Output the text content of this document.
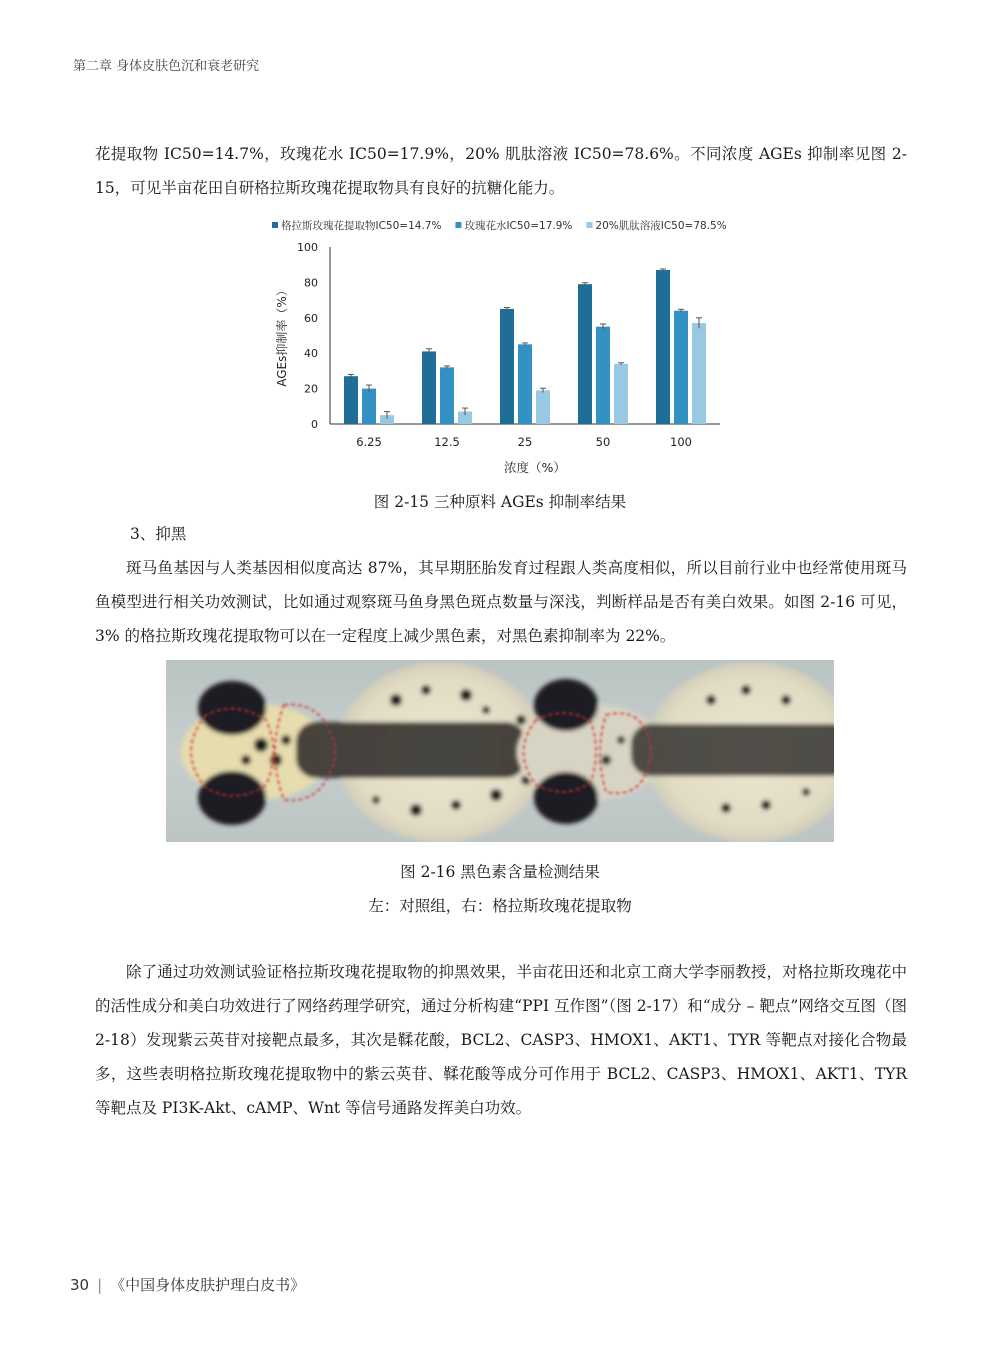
第二章 身体皮肤色沉和衰老研究

花提取物 IC50=14.7%，玫瑰花水 IC50=17.9%，20% 肌肽溶液 IC50=78.6%。不同浓度 AGEs 抑制率见图 2-15，可见半亩花田自研格拉斯玫瑰花提取物具有良好的抗糖化能力。

格拉斯玫瑰花提取物IC50=14.7% 玫瑰花水IC50=17.9% 20%肌肽溶液IC50=78.5%
0
20
40
60
80
100
6.25	12.5	25	50	100
浓度（%）
AGEs抑制率（%）
图 2-15 三种原料 AGEs 抑制率结果
3、抑黑

斑马鱼基因与人类基因相似度高达 87%，其早期胚胎发育过程跟人类高度相似，所以目前行业中也经常使用斑马鱼模型进行相关功效测试，比如通过观察斑马鱼身黑色斑点数量与深浅，判断样品是否有美白效果。如图 2-16 可见，3% 的格拉斯玫瑰花提取物可以在一定程度上减少黑色素，对黑色素抑制率为 22%。

图 2-16 黑色素含量检测结果
左：对照组，右：格拉斯玫瑰花提取物

除了通过功效测试验证格拉斯玫瑰花提取物的抑黑效果，半亩花田还和北京工商大学李丽教授，对格拉斯玫瑰花中的活性成分和美白功效进行了网络药理学研究，通过分析构建“PPI 互作图”（图 2-17）和“成分 – 靶点”网络交互图（图 2-18）发现紫云英苷对接靶点最多，其次是鞣花酸，BCL2、CASP3、HMOX1、AKT1、TYR 等靶点对接化合物最多，这些表明格拉斯玫瑰花提取物中的紫云英苷、鞣花酸等成分可作用于 BCL2、CASP3、HMOX1、AKT1、TYR 等靶点及 PI3K-Akt、cAMP、Wnt 等信号通路发挥美白功效。

30 | 《中国身体皮肤护理白皮书》
